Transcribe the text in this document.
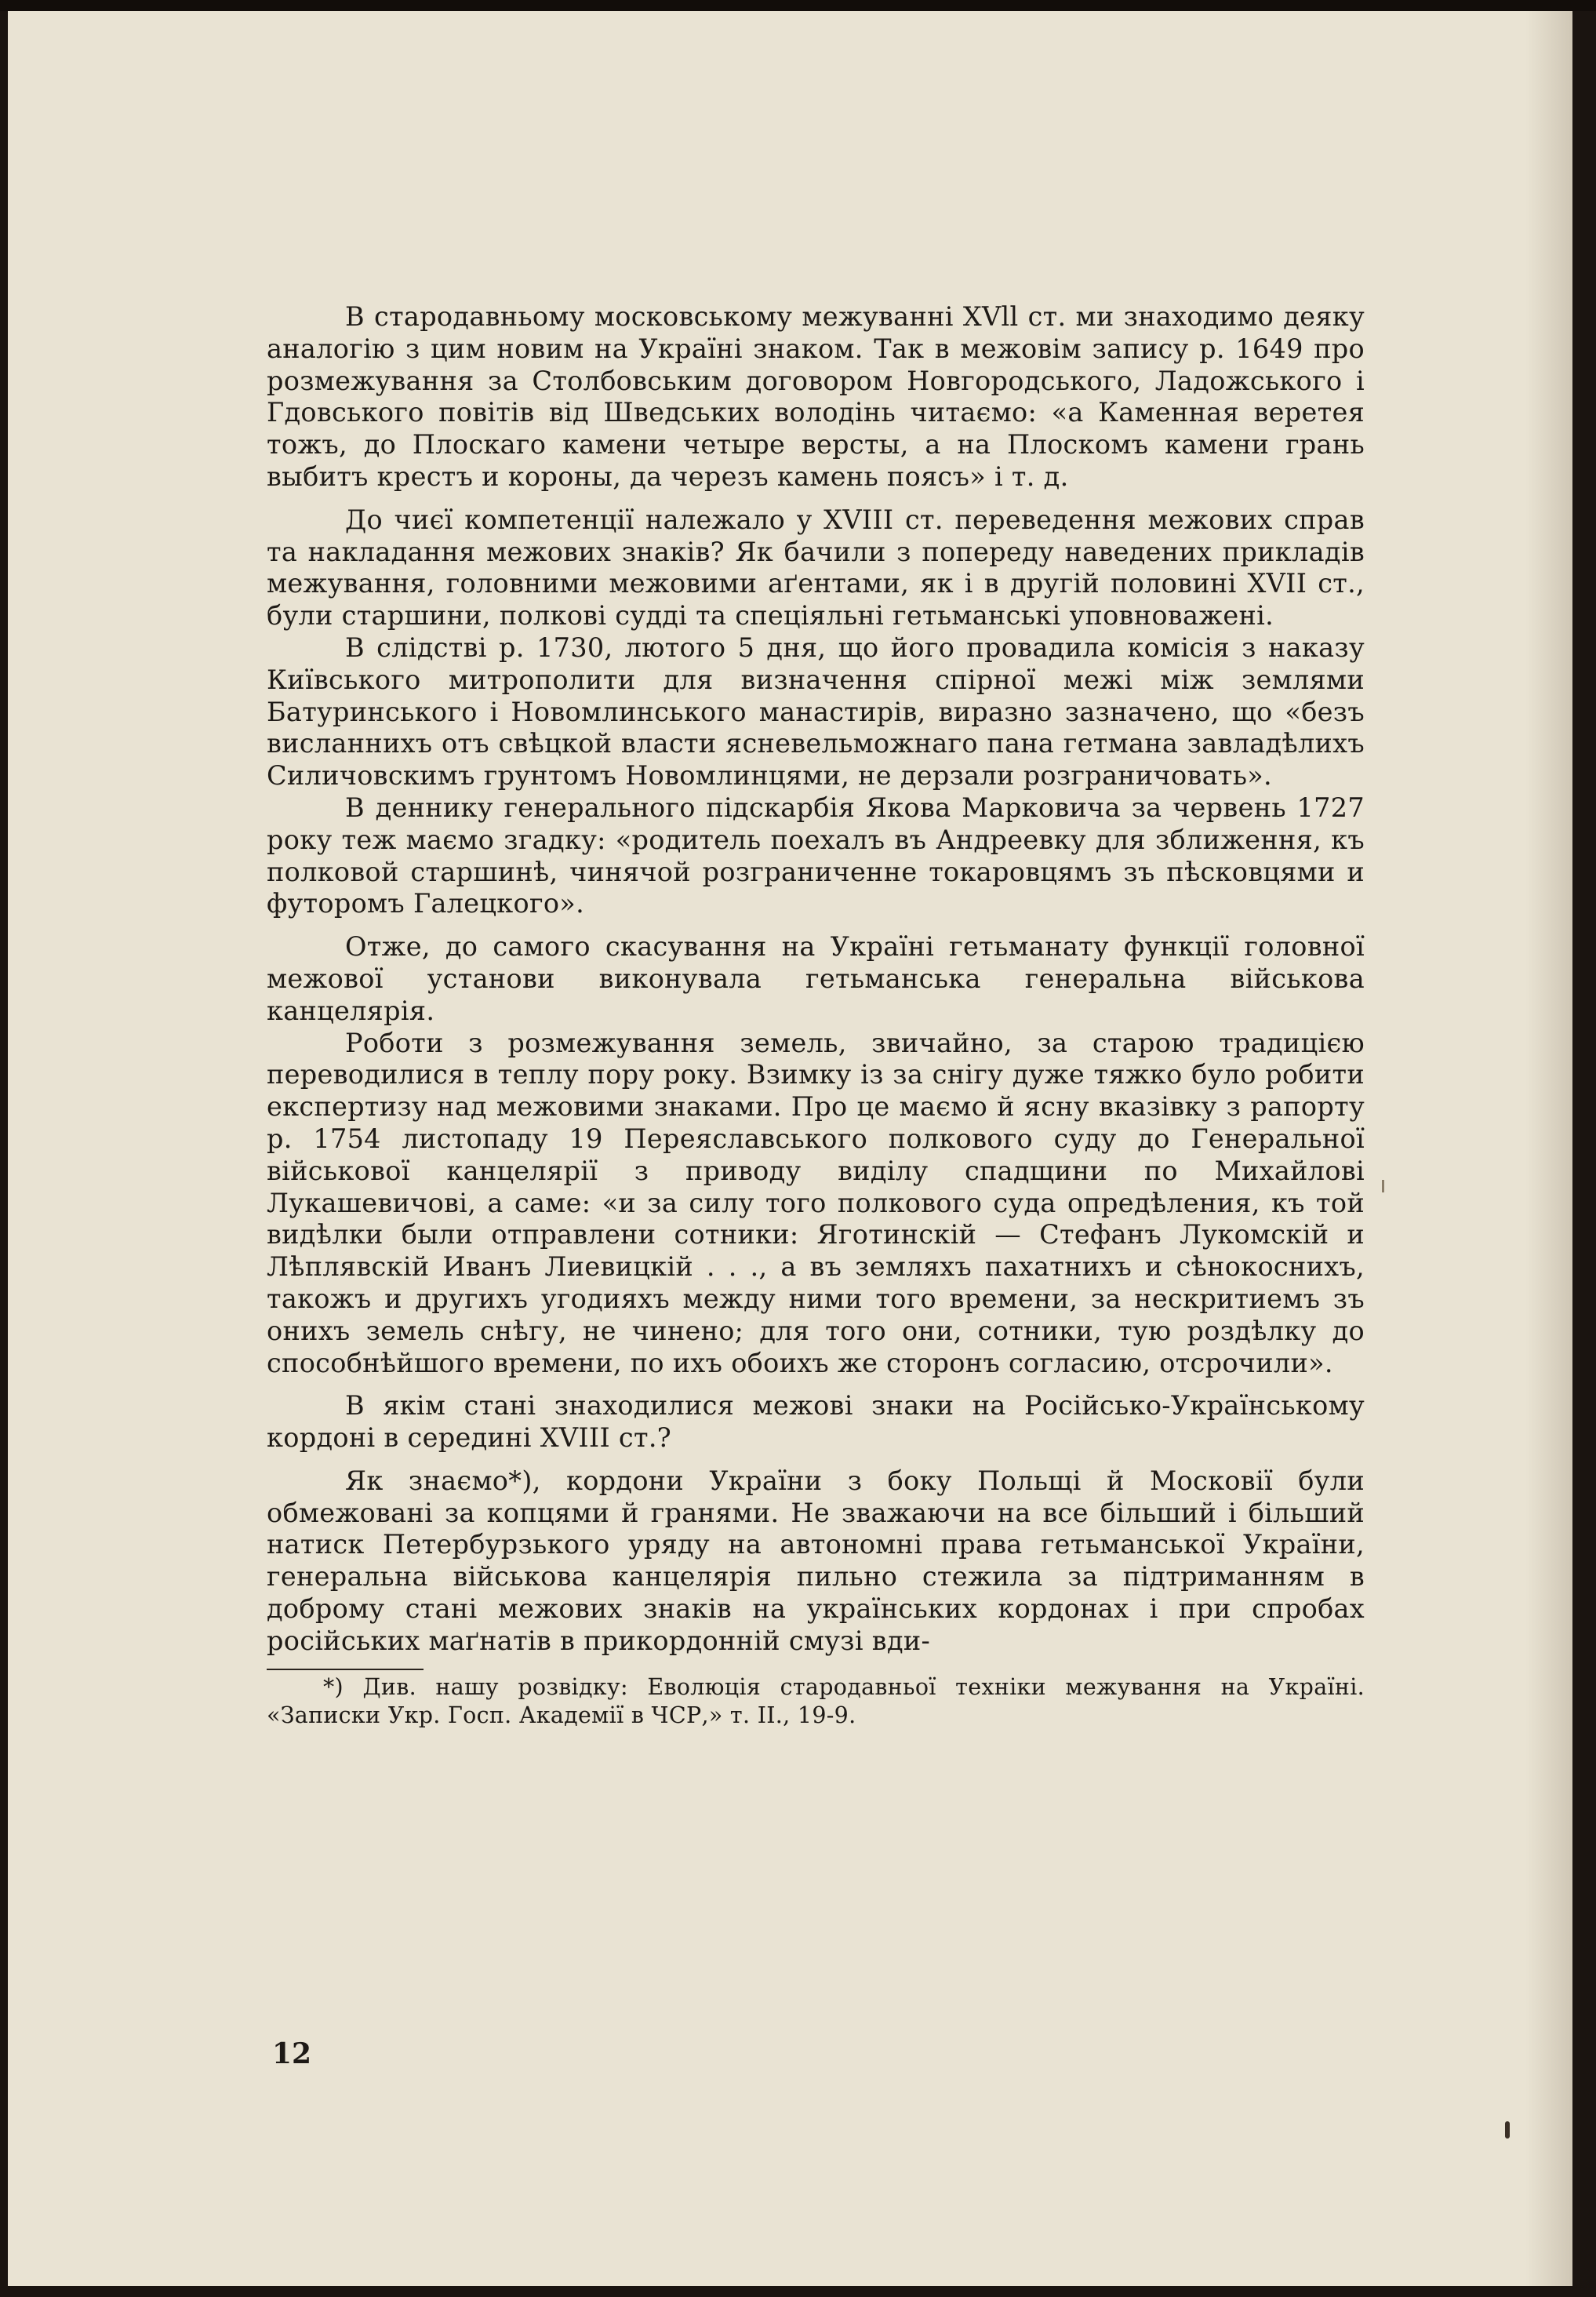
В стародавньому московському межуванні XVll ст. ми знаходимо деяку аналогію з цим новим на Україні знаком. Так в межовім запису р. 1649 про розмежування за Столбовським договором Новгородського, Ладожського і Гдовського повітів від Шведських володінь читаємо: «а Каменная веретея тожъ, до Плоскаго камени четыре версты, а на Плоскомъ камени грань выбитъ крестъ и короны, да черезъ камень поясъ» і т. д.

До чиєї компетенції належало у XVIII ст. переведення межових справ та накладання межових знаків? Як бачили з попереду наведених прикладів межування, головними межовими аґентами, як і в другій половині XVII ст., були старшини, полкові судді та спеціяльні гетьманські уповноважені.

В слідстві р. 1730, лютого 5 дня, що його провадила комісія з наказу Київського митрополити для визначення спірної межі між землями Батуринського і Новомлинського манастирів, виразно зазначено, що «безъ висланнихъ отъ свѣцкой власти ясневельможнаго пана гетмана завладѣлихъ Силичовскимъ грунтомъ Новомлинцями, не дерзали розграничовать».

В деннику генерального підскарбія Якова Марковича за червень 1727 року теж маємо згадку: «родитель поехалъ въ Андреевку для зближення, къ полковой старшинѣ, чинячой розграниченне токаровцямъ зъ пѣсковцями и футоромъ Галецкого».

Отже, до самого скасування на Україні гетьманату функції головної межової установи виконувала гетьманська генеральна військова канцелярія.

Роботи з розмежування земель, звичайно, за старою традицією переводилися в теплу пору року. Взимку із за снігу дуже тяжко було робити експертизу над межовими знаками. Про це маємо й ясну вказівку з рапорту р. 1754 листопаду 19 Переяславського полкового суду до Генеральної військової канцелярії з приводу виділу спадщини по Михайлові Лукашевичові, а саме: «и за силу того полкового суда опредѣления, къ той видѣлки были отправлени сотники: Яготинскій — Стефанъ Лукомскій и Лѣплявскій Иванъ Лиевицкій . . ., а въ земляхъ пахатнихъ и сѣнокоснихъ, такожъ и другихъ угодияхъ между ними того времени, за нескритиемъ зъ онихъ земель снѣгу, не чинено; для того они, сотники, тую роздѣлку до способнѣйшого времени, по ихъ обоихъ же сторонъ согласию, отсрочили».

В якім стані знаходилися межові знаки на Російсько-Українському кордоні в середині XVIII ст.?

Як знаємо*), кордони України з боку Польщі й Московії були обмежовані за копцями й гранями. Не зважаючи на все більший і більший натиск Петербурзького уряду на автономні права гетьманської України, генеральна військова канцелярія пильно стежила за підтриманням в доброму стані межових знаків на українських кордонах і при спробах російських маґнатів в прикордонній смузі вди-

*) Див. нашу розвідку: Еволюція стародавньої техніки межування на Україні. «Записки Укр. Госп. Академії в ЧСР,» т. II., 19-9.
12
